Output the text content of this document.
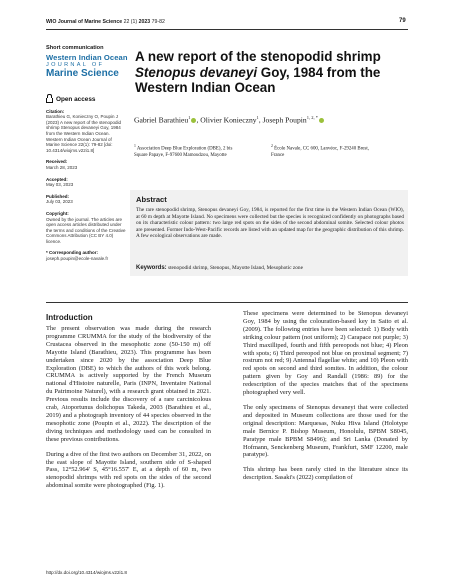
WIO Journal of Marine Science 22 (1) 2023 79-82	79
Short communication
Western Indian Ocean
JOURNAL OF
Marine Science
A new report of the stenopodid shrimp Stenopus devaneyi Goy, 1984 from the Western Indian Ocean
Gabriel Barathieu$^1$ , Olivier Konieczny$^1$, Joseph Poupin$^{1, 2, *}$
$^1$ Association Deep Blue Exploration (DBE), 2 bis Square Papaye, F-97600 Mamoudzou, Mayotte
$^2$ École Navale, CC 600, Lanvéoc, F-29240 Brest, France
Open access
Citation:
Barathieu G, Konieczny O, Poupin J (2023) A new report of the stenopodid shrimp Stenopus devaneyi Goy, 1984 from the Western Indian Ocean. Western Indian Ocean Journal of Marine Science 22(1): 79-82 [doi: 10.4314/wiojms.v22i1.8]
Received:
March 28, 2023
Accepted:
May 03, 2023
Published:
July 03, 2023
Copyright:
Owned by the journal. The articles are open access articles distributed under the terms and conditions of the Creative Commons Attribution (CC BY 4.0) licence.
* Corresponding author:
joseph.poupin@ecole-navale.fr
Abstract
The rare stenopodid shrimp, Stenopus devaneyi Goy, 1984, is reported for the first time in the Western Indian Ocean (WIO), at 60 m depth at Mayotte Island. No specimens were collected but the species is recognized confidently on photographs based on its characteristic colour pattern: two large red spots on the sides of the second abdominal somite. Selected colour photos are presented. Former Indo-West-Pacific records are listed with an updated map for the geographic distribution of this shrimp. A few ecological observations are made.
Keywords: stenopodid shrimp, Stenopus, Mayotte Island, Mesophotic zone
Introduction

The present observation was made during the research programme CRUMMA for the study of the biodiversity of the Crustacea observed in the mesophotic zone (50-150 m) off Mayotte Island (Barathieu, 2023). This programme has been undertaken since 2020 by the association Deep Blue Exploration (DBE) to which the authors of this work belong. CRUMMA is actively supported by the French Museum national d'Histoire naturelle, Paris (INPN, Inventaire National du Patrimoine Naturel), with a research grant obtained in 2021. Previous results include the discovery of a rare carcinicolous crab, Atoportunus dolichopus Takeda, 2003 (Barathieu et al., 2019) and a photograph inventory of 44 species observed in the mesophotic zone (Poupin et al., 2022). The description of the diving techniques and methodology used can be consulted in these previous contributions.

During a dive of the first two authors on December 31, 2022, on the east slope of Mayotte Island, southern side of S-shaped Pass, 12°52.964' S, 45°16.557' E, at a depth of 60 m, two stenopodid shrimps with red spots on the sides of the second abdominal somite were photographed (Fig. 1).

These specimens were determined to be Stenopus devaneyi Goy, 1984 by using the colouration-based key in Saito et al. (2009). The following entries have been selected: 1) Body with striking colour pattern (not uniform); 2) Carapace not purple; 3) Third maxilliped, fourth and fifth pereopods not blue; 4) Pleon with spots; 6) Third pereopod not blue on proximal segment; 7) rostrum not red; 9) Antennal flagellae white; and 10) Pleon with red spots on second and third somites. In addition, the colour pattern given by Goy and Randall (1986: 89) for the redescription of the species matches that of the specimens photographed very well.

The only specimens of Stenopus devaneyi that were collected and deposited in Museum collections are those used for the original description: Marquesas, Nuku Hiva Island (Holotype male Bernice P. Bishop Museum, Honolulu, BPBM S8045, Paratype male BPBM S8496); and Sri Lanka (Donated by Hofmann, Senckenberg Museum, Frankfurt, SMF 12200, male paratype).

This shrimp has been rarely cited in the literature since its description. Sasaki's (2022) compilation of

http://dx.doi.org/10.4314/wiojms.v22i1.8
